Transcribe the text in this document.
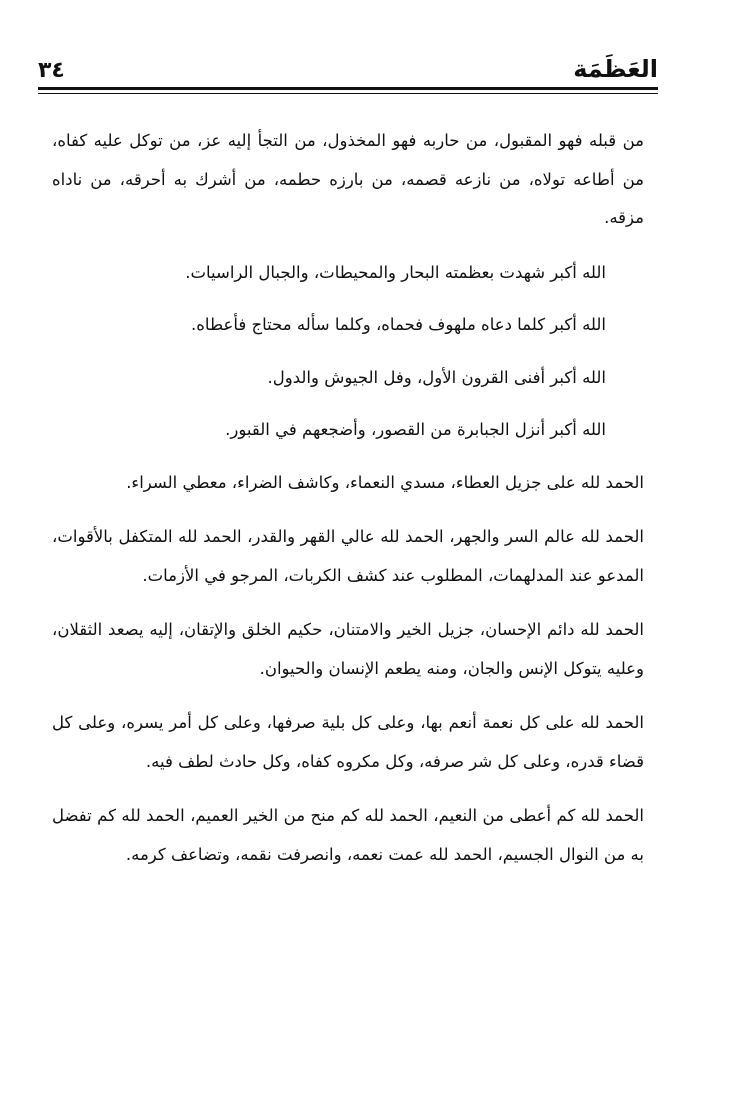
٣٤	العَظَمَة

من قبله فهو المقبول، من حاربه فهو المخذول، من التجأ إليه عز، من توكل عليه كفاه، من أطاعه تولاه، من نازعه قصمه، من بارزه حطمه، من أشرك به أحرقه، من ناداه مزقه.

الله أكبر شهدت بعظمته البحار والمحيطات، والجبال الراسيات.

الله أكبر كلما دعاه ملهوف فحماه، وكلما سأله محتاج فأعطاه.

الله أكبر أفنى القرون الأول، وفل الجيوش والدول.

الله أكبر أنزل الجبابرة من القصور، وأضجعهم في القبور.

الحمد لله على جزيل العطاء، مسدي النعماء، وكاشف الضراء، معطي السراء.

الحمد لله عالم السر والجهر، الحمد لله عالي القهر والقدر، الحمد لله المتكفل بالأقوات، المدعو عند المدلهمات، المطلوب عند كشف الكربات، المرجو في الأزمات.

الحمد لله دائم الإحسان، جزيل الخير والامتنان، حكيم الخلق والإتقان، إليه يصعد الثقلان، وعليه يتوكل الإنس والجان، ومنه يطعم الإنسان والحيوان.

الحمد لله على كل نعمة أنعم بها، وعلى كل بلية صرفها، وعلى كل أمر يسره، وعلى كل قضاء قدره، وعلى كل شر صرفه، وكل مكروه كفاه، وكل حادث لطف فيه.

الحمد لله كم أعطى من النعيم، الحمد لله كم منح من الخير العميم، الحمد لله كم تفضل به من النوال الجسيم، الحمد لله عمت نعمه، وانصرفت نقمه، وتضاعف كرمه.
